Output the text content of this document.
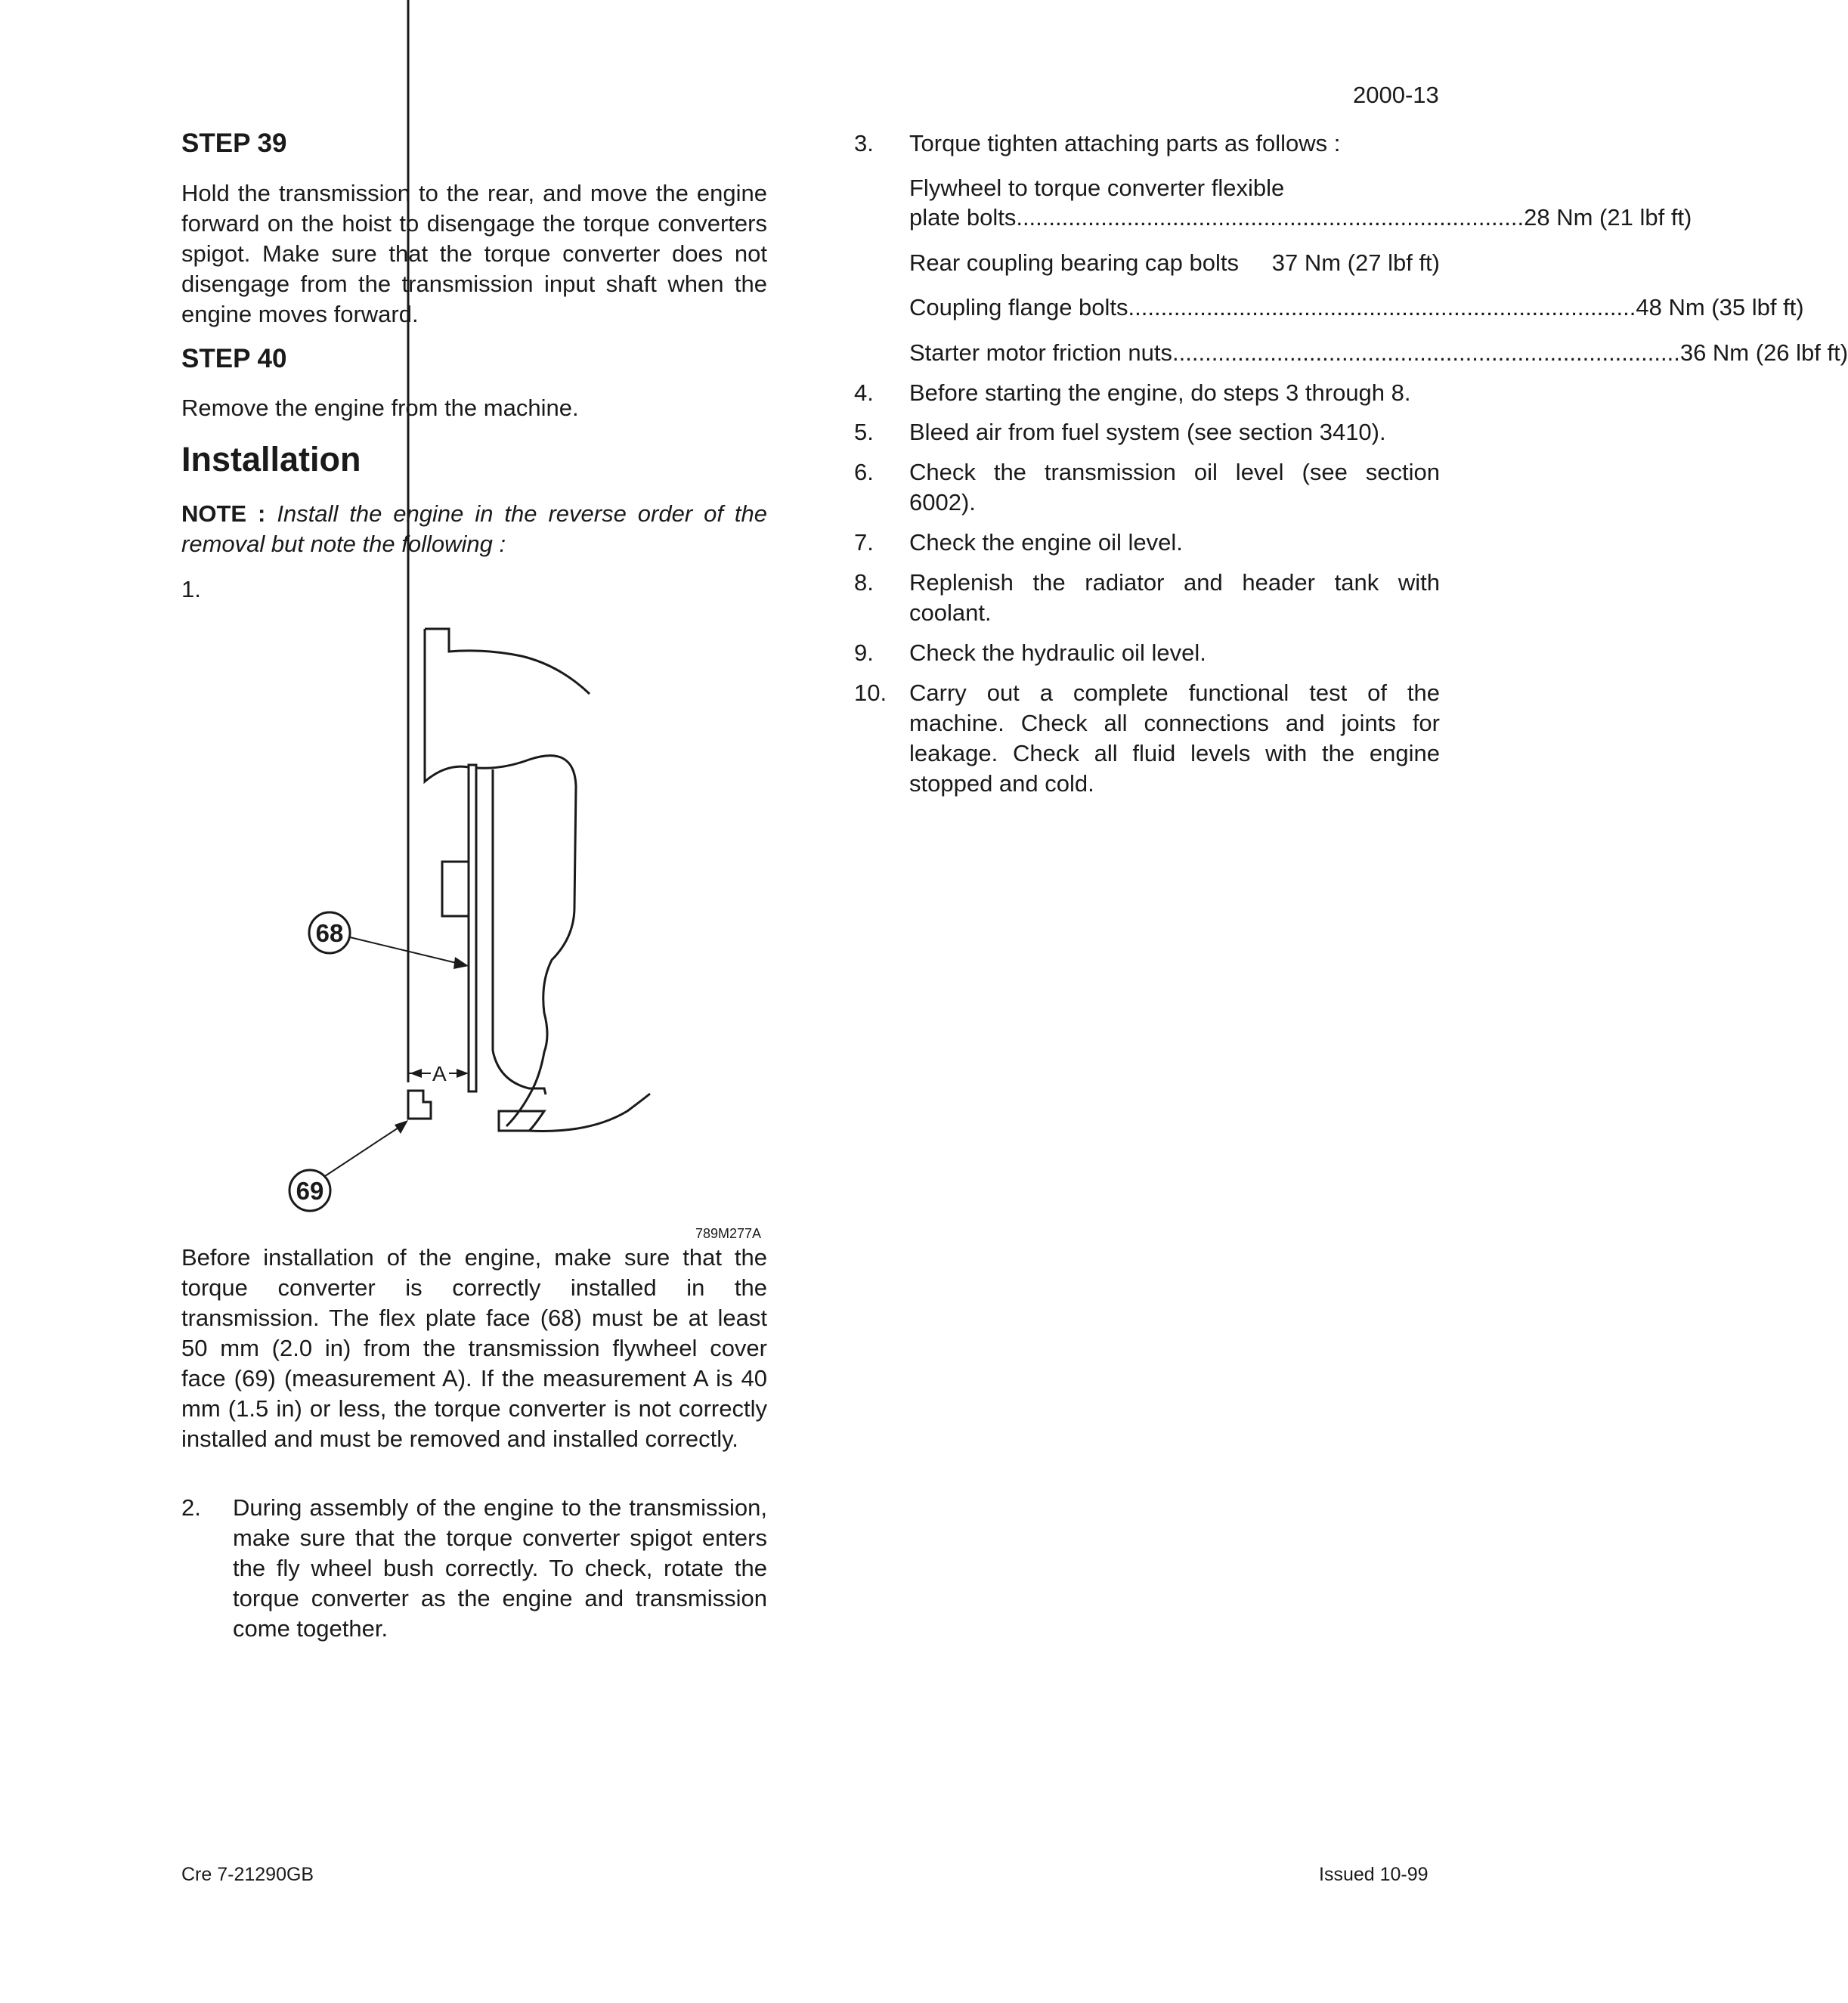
2000-13
STEP 39
Hold the transmission to the rear, and move the engine forward on the hoist to disengage the torque converters spigot. Make sure that the torque converter does not disengage from the transmission input shaft when the engine moves forward.
STEP 40
Remove the engine from the machine.
Installation
NOTE : Install the engine in the reverse order of the removal but note the following :
1.
A
68
69
789M277A
Before installation of the engine, make sure that the torque converter is correctly installed in the transmission. The flex plate face (68) must be at least 50 mm (2.0 in) from the transmission flywheel cover face (69) (measurement A). If the measurement A is 40 mm (1.5 in) or less, the torque converter is not correctly installed and must be removed and installed correctly.
2. During assembly of the engine to the transmission, make sure that the torque converter spigot enters the fly wheel bush correctly. To check, rotate the torque converter as the engine and transmission come together.
3. Torque tighten attaching parts as follows :
Flywheel to torque converter flexible
plate bolts .............................................................................. 28 Nm (21 lbf ft)
Rear coupling bearing cap bolts 37 Nm (27 lbf ft)
Coupling flange bolts .............................................................................. 48 Nm (35 lbf ft)
Starter motor friction nuts .............................................................................. 36 Nm (26 lbf ft)
4. Before starting the engine, do steps 3 through 8.
5. Bleed air from fuel system (see section 3410).
6. Check the transmission oil level (see section 6002).
7. Check the engine oil level.
8. Replenish the radiator and header tank with coolant.
9. Check the hydraulic oil level.
10. Carry out a complete functional test of the machine. Check all connections and joints for leakage. Check all fluid levels with the engine stopped and cold.
Cre 7-21290GB	Issued 10-99
